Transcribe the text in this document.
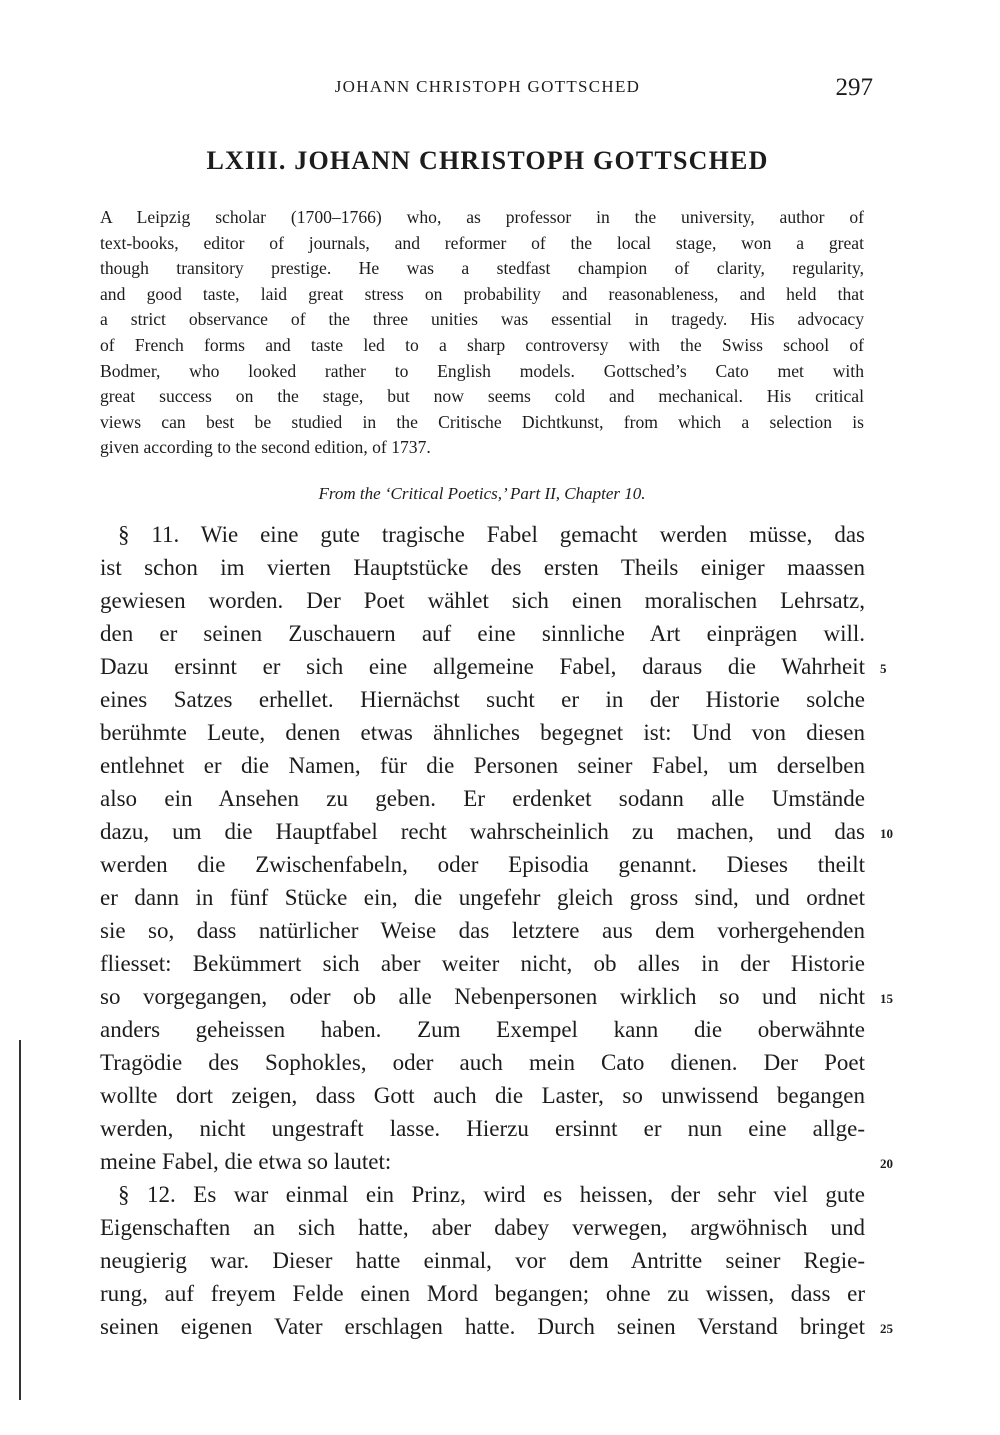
JOHANN CHRISTOPH GOTTSCHED	297
LXIII. JOHANN CHRISTOPH GOTTSCHED
A Leipzig scholar (1700–1766) who, as professor in the university, author of
text-books, editor of journals, and reformer of the local stage, won a great
though transitory prestige. He was a stedfast champion of clarity, regularity,
and good taste, laid great stress on probability and reasonableness, and held that
a strict observance of the three unities was essential in tragedy. His advocacy
of French forms and taste led to a sharp controversy with the Swiss school of
Bodmer, who looked rather to English models. Gottsched’s Cato met with
great success on the stage, but now seems cold and mechanical. His critical
views can best be studied in the Critische Dichtkunst, from which a selection is
given according to the second edition, of 1737.
From the ‘Critical Poetics,’ Part II, Chapter 10.
§ 11. Wie eine gute tragische Fabel gemacht werden müsse, das
ist schon im vierten Hauptstücke des ersten Theils einiger maassen
gewiesen worden. Der Poet wählet sich einen moralischen Lehrsatz,
den er seinen Zuschauern auf eine sinnliche Art einprägen will.
Dazu ersinnt er sich eine allgemeine Fabel, daraus die Wahrheit 5
eines Satzes erhellet. Hiernächst sucht er in der Historie solche
berühmte Leute, denen etwas ähnliches begegnet ist: Und von diesen
entlehnet er die Namen, für die Personen seiner Fabel, um derselben
also ein Ansehen zu geben. Er erdenket sodann alle Umstände
dazu, um die Hauptfabel recht wahrscheinlich zu machen, und das 10
werden die Zwischenfabeln, oder Episodia genannt. Dieses theilt
er dann in fünf Stücke ein, die ungefehr gleich gross sind, und ordnet
sie so, dass natürlicher Weise das letztere aus dem vorhergehenden
fliesset: Bekümmert sich aber weiter nicht, ob alles in der Historie
so vorgegangen, oder ob alle Nebenpersonen wirklich so und nicht 15
anders geheissen haben. Zum Exempel kann die oberwähnte
Tragödie des Sophokles, oder auch mein Cato dienen. Der Poet
wollte dort zeigen, dass Gott auch die Laster, so unwissend begangen
werden, nicht ungestraft lasse. Hierzu ersinnt er nun eine allge-
meine Fabel, die etwa so lautet:	20
§ 12. Es war einmal ein Prinz, wird es heissen, der sehr viel gute
Eigenschaften an sich hatte, aber dabey verwegen, argwöhnisch und
neugierig war. Dieser hatte einmal, vor dem Antritte seiner Regie-
rung, auf freyem Felde einen Mord begangen; ohne zu wissen, dass er
seinen eigenen Vater erschlagen hatte. Durch seinen Verstand bringet 25
